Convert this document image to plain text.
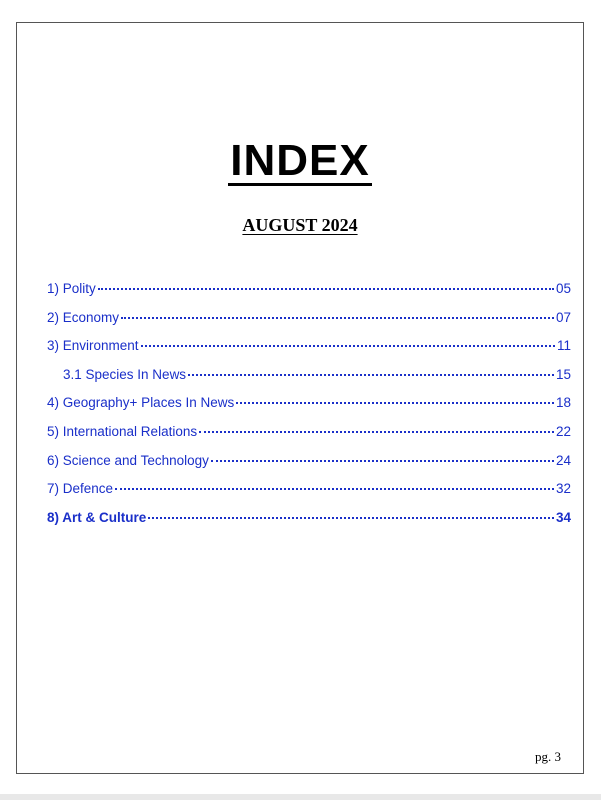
INDEX
AUGUST 2024
1) Polity	05
2) Economy	07
3) Environment	11
3.1 Species In News	15
4) Geography+ Places In News	18
5) International Relations	22
6) Science and Technology	24
7) Defence	32
8) Art & Culture	34
pg. 3
